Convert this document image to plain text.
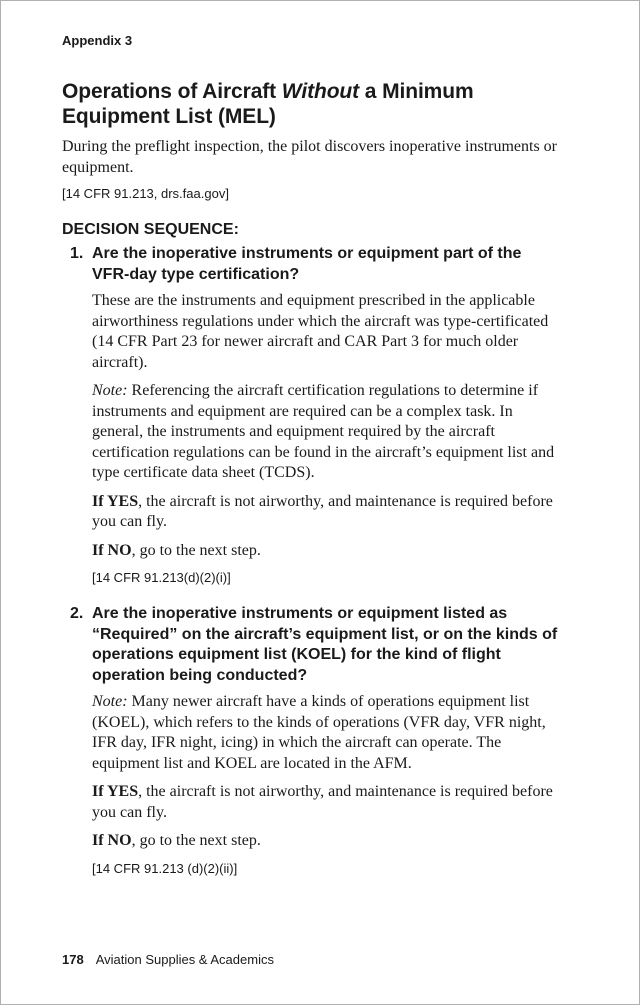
Appendix 3
Operations of Aircraft Without a Minimum Equipment List (MEL)

During the preflight inspection, the pilot discovers inoperative instruments or equipment.

[14 CFR 91.213, drs.faa.gov]

DECISION SEQUENCE:
1. Are the inoperative instruments or equipment part of the VFR-day type certification?

These are the instruments and equipment prescribed in the applicable airworthiness regulations under which the aircraft was type-certificated (14 CFR Part 23 for newer aircraft and CAR Part 3 for much older aircraft).

Note: Referencing the aircraft certification regulations to determine if instruments and equipment are required can be a complex task. In general, the instruments and equipment required by the aircraft certification regulations can be found in the aircraft’s equipment list and type certificate data sheet (TCDS).

If YES, the aircraft is not airworthy, and maintenance is required before you can fly.

If NO, go to the next step.

[14 CFR 91.213(d)(2)(i)]

2. Are the inoperative instruments or equipment listed as “Required” on the aircraft’s equipment list, or on the kinds of operations equipment list (KOEL) for the kind of flight operation being conducted?

Note: Many newer aircraft have a kinds of operations equipment list (KOEL), which refers to the kinds of operations (VFR day, VFR night, IFR day, IFR night, icing) in which the aircraft can operate. The equipment list and KOEL are located in the AFM.

If YES, the aircraft is not airworthy, and maintenance is required before you can fly.

If NO, go to the next step.

[14 CFR 91.213 (d)(2)(ii)]

178 Aviation Supplies & Academics
